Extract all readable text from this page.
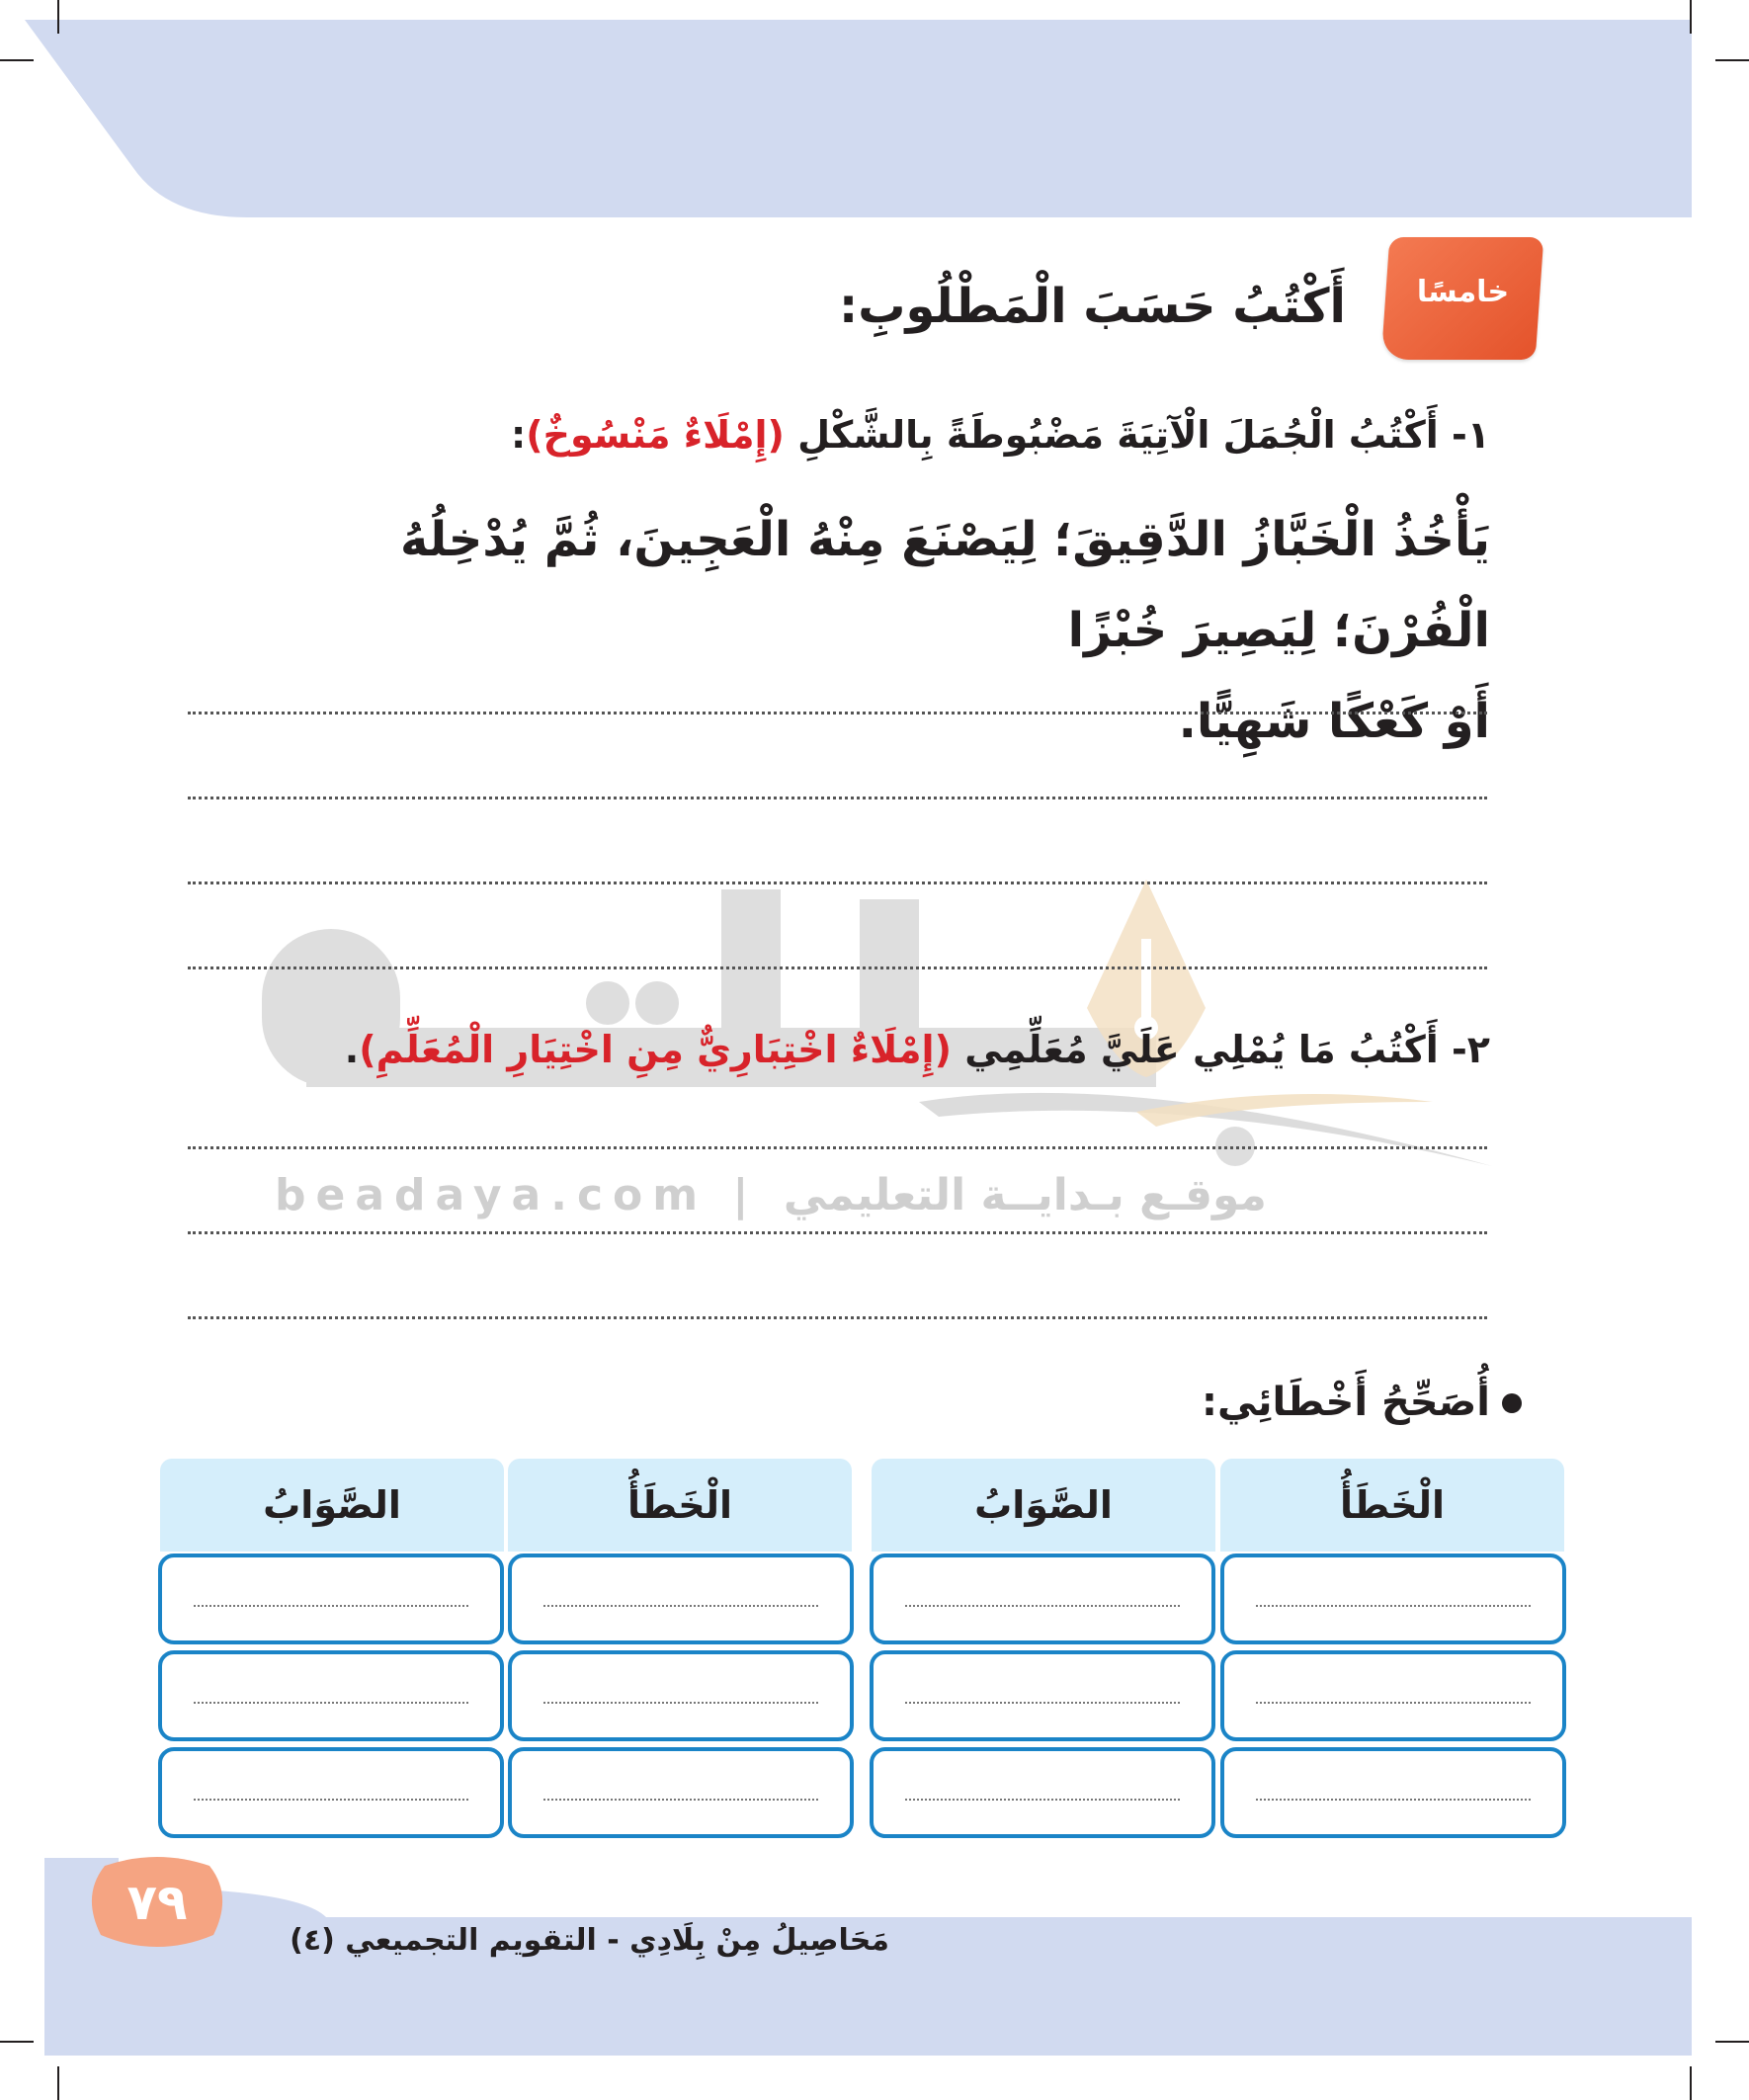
beadaya.com | موقـع بـدايــة التعليمي
خامسًا
أَكْتُبُ حَسَبَ الْمَطْلُوبِ:
١- أَكْتُبُ الْجُمَلَ الْآتِيَةَ مَضْبُوطَةً بِالشَّكْلِ (إِمْلَاءٌ مَنْسُوخٌ):
يَأْخُذُ الْخَبَّازُ الدَّقِيقَ؛ لِيَصْنَعَ مِنْهُ الْعَجِينَ، ثُمَّ يُدْخِلُهُ الْفُرْنَ؛ لِيَصِيرَ خُبْزًا
أَوْ كَعْكًا شَهِيًّا.
٢- أَكْتُبُ مَا يُمْلِي عَلَيَّ مُعَلِّمِي (إِمْلَاءٌ اخْتِبَارِيٌّ مِنِ اخْتِيَارِ الْمُعَلِّمِ).
أُصَحِّحُ أَخْطَائِي:
الْخَطَأُ
الصَّوَابُ
الْخَطَأُ
الصَّوَابُ
٧٩
مَحَاصِيلُ مِنْ بِلَادِي - التقويم التجميعي (٤)
